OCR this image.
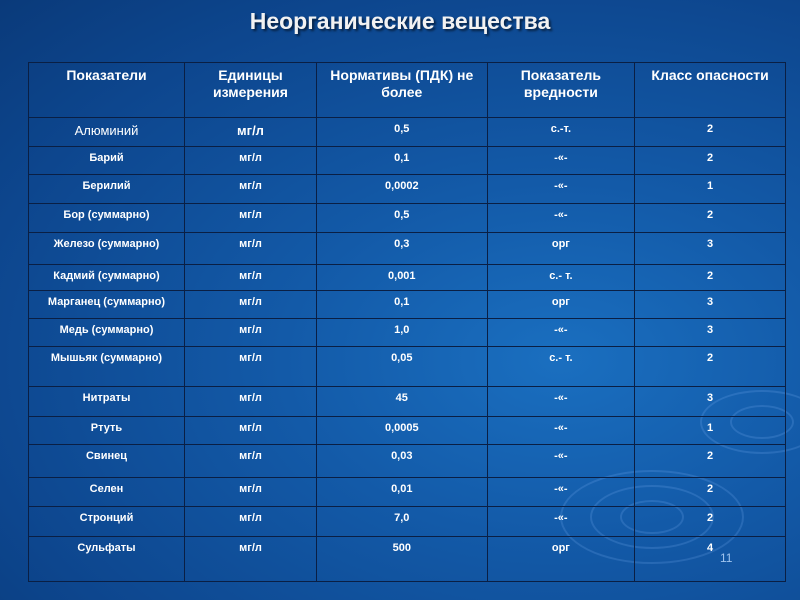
Неорганические вещества
Показатели	Единицы измерения	Нормативы (ПДК) не более	Показатель вредности	Класс опасности

Алюминий	мг/л	0,5	с.-т.	2

Барий	мг/л	0,1	-«-	2

Берилий	мг/л	0,0002	-«-	1

Бор (суммарно)	мг/л	0,5	-«-	2

Железо (суммарно)	мг/л	0,3	орг	3

Кадмий (суммарно)	мг/л	0,001	с.- т.	2

Марганец (суммарно)	мг/л	0,1	орг	3

Медь (суммарно)	мг/л	1,0	-«-	3

Мышьяк (суммарно)	мг/л	0,05	с.- т.	2

Нитраты	мг/л	45	-«-	3

Ртуть	мг/л	0,0005	-«-	1

Свинец	мг/л	0,03	-«-	2

Селен	мг/л	0,01	-«-	2

Стронций	мг/л	7,0	-«-	2

Сульфаты	мг/л	500	орг	4
11
